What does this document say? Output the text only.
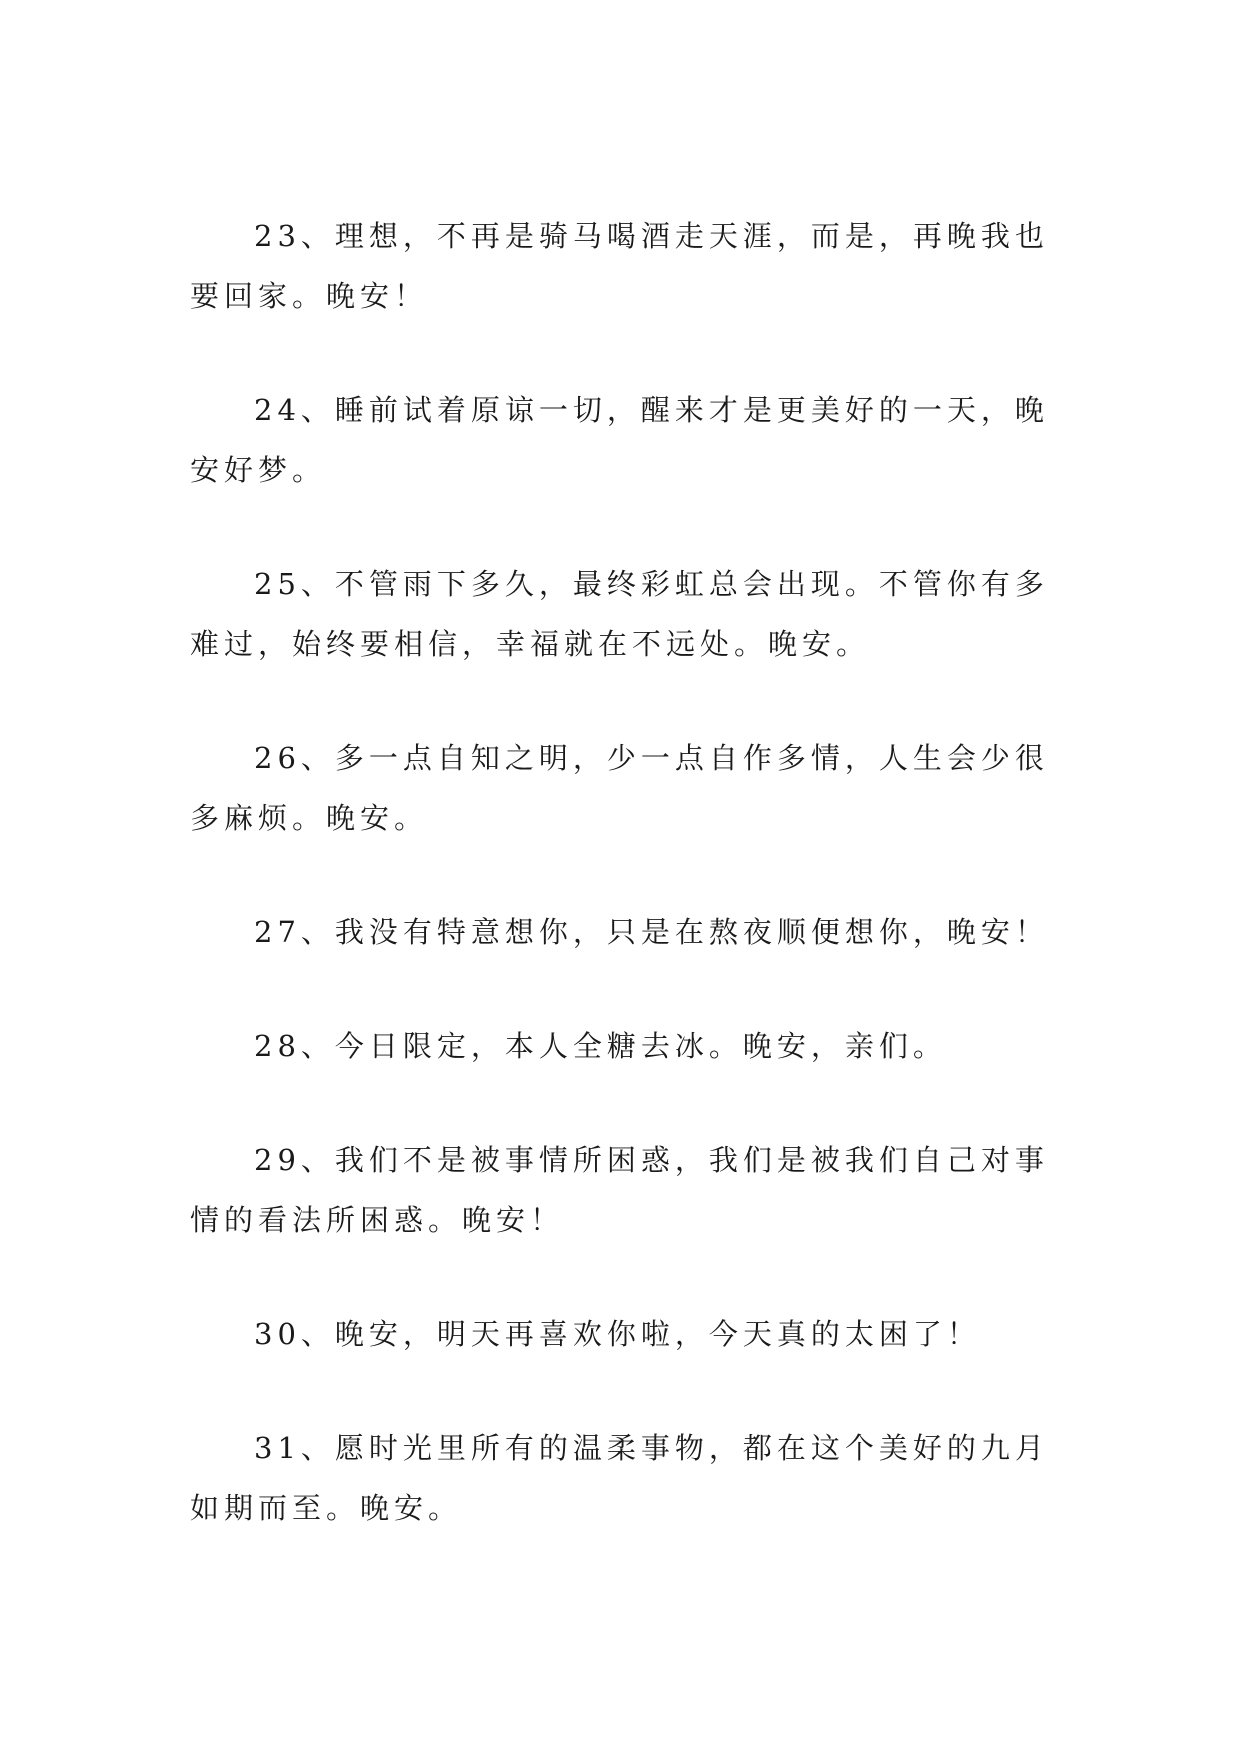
23、理想，不再是骑马喝酒走天涯，而是，再晚我也要回家。晚安！

24、睡前试着原谅一切，醒来才是更美好的一天，晚安好梦。

25、不管雨下多久，最终彩虹总会出现。不管你有多难过，始终要相信，幸福就在不远处。晚安。

26、多一点自知之明，少一点自作多情，人生会少很多麻烦。晚安。

27、我没有特意想你，只是在熬夜顺便想你，晚安！

28、今日限定，本人全糖去冰。晚安，亲们。

29、我们不是被事情所困惑，我们是被我们自己对事情的看法所困惑。晚安！

30、晚安，明天再喜欢你啦，今天真的太困了！

31、愿时光里所有的温柔事物，都在这个美好的九月如期而至。晚安。
